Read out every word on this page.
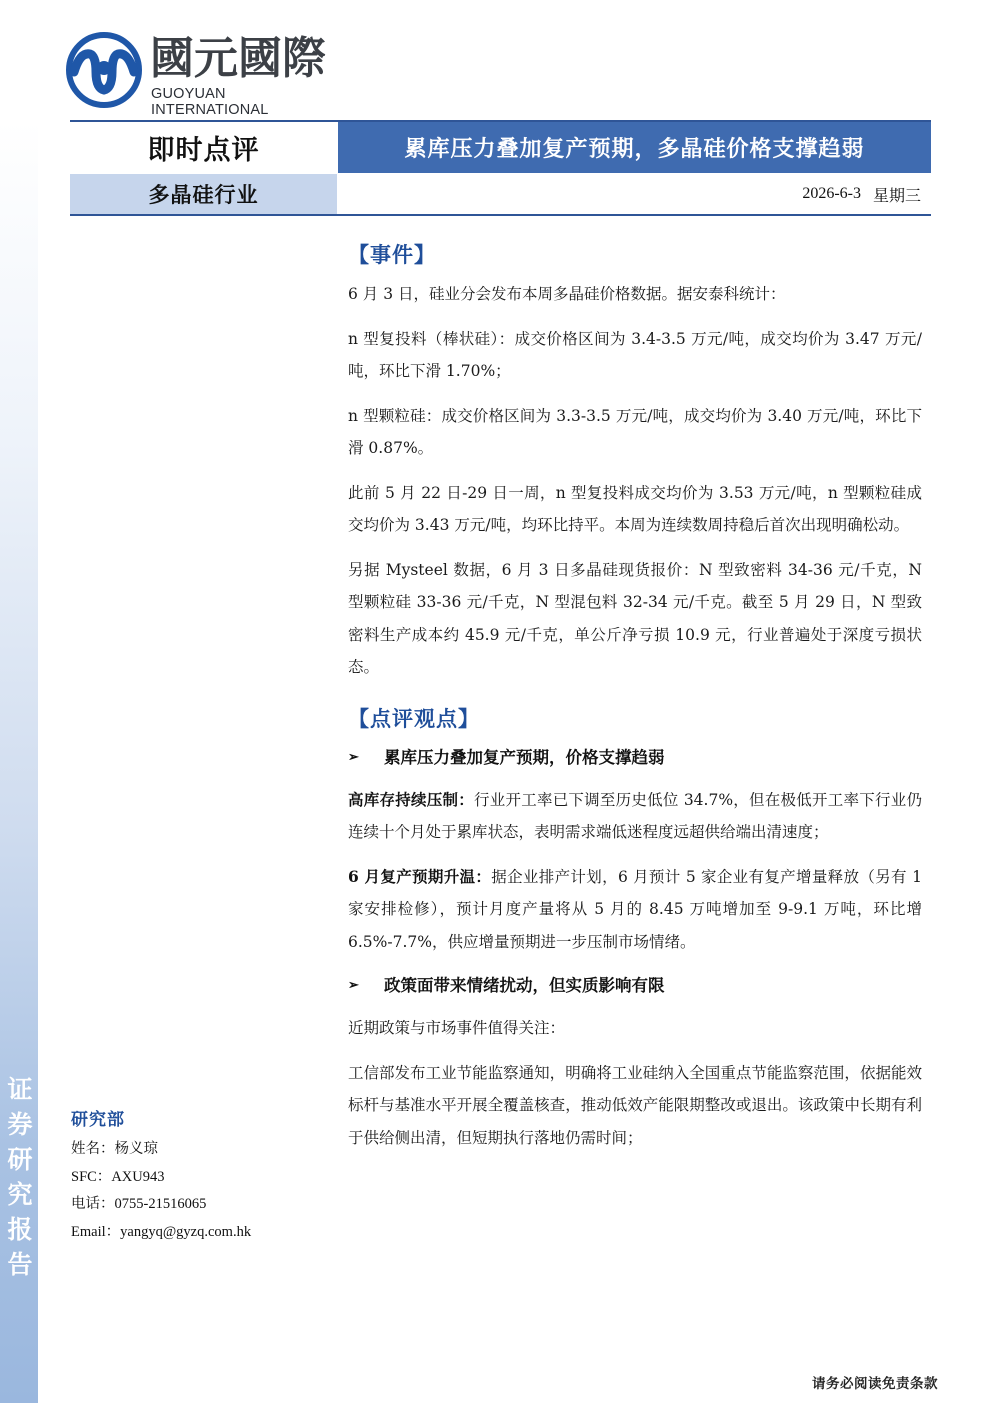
证
券
研
究
报
告
國元國際
GUOYUAN INTERNATIONAL
即时点评	累库压力叠加复产预期，多晶硅价格支撑趋弱
多晶硅行业	2026-6-3 星期三
【事件】

6 月 3 日，硅业分会发布本周多晶硅价格数据。据安泰科统计：

n 型复投料（棒状硅）：成交价格区间为 3.4-3.5 万元/吨，成交均价为 3.47 万元/吨，环比下滑 1.70%；

n 型颗粒硅：成交价格区间为 3.3-3.5 万元/吨，成交均价为 3.40 万元/吨，环比下滑 0.87%。

此前 5 月 22 日-29 日一周，n 型复投料成交均价为 3.53 万元/吨，n 型颗粒硅成交均价为 3.43 万元/吨，均环比持平。本周为连续数周持稳后首次出现明确松动。

另据 Mysteel 数据，6 月 3 日多晶硅现货报价：N 型致密料 34-36 元/千克，N 型颗粒硅 33-36 元/千克，N 型混包料 32-34 元/千克。截至 5 月 29 日，N 型致密料生产成本约 45.9 元/千克，单公斤净亏损 10.9 元，行业普遍处于深度亏损状态。

【点评观点】
➢	累库压力叠加复产预期，价格支撑趋弱

高库存持续压制：行业开工率已下调至历史低位 34.7%，但在极低开工率下行业仍连续十个月处于累库状态，表明需求端低迷程度远超供给端出清速度；

6 月复产预期升温：据企业排产计划，6 月预计 5 家企业有复产增量释放（另有 1 家安排检修），预计月度产量将从 5 月的 8.45 万吨增加至 9-9.1 万吨，环比增 6.5%-7.7%，供应增量预期进一步压制市场情绪。

➢	政策面带来情绪扰动，但实质影响有限

近期政策与市场事件值得关注：

工信部发布工业节能监察通知，明确将工业硅纳入全国重点节能监察范围，依据能效标杆与基准水平开展全覆盖核查，推动低效产能限期整改或退出。该政策中长期有利于供给侧出清，但短期执行落地仍需时间；

研究部
姓名：杨义琼
SFC：AXU943
电话：0755-21516065
Email：yangyq@gyzq.com.hk
请务必阅读免责条款
